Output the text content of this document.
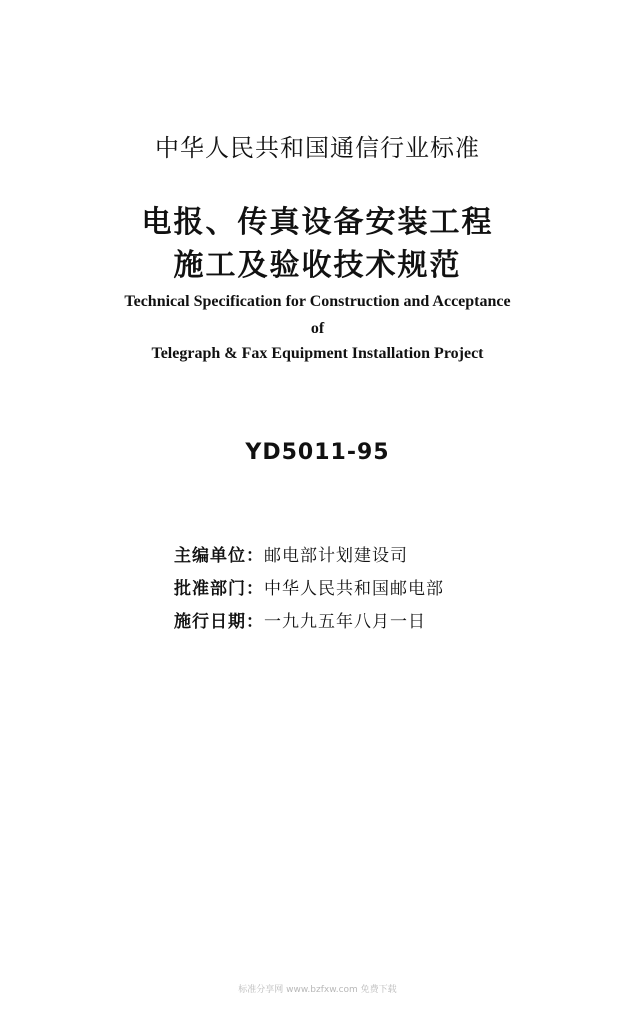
中华人民共和国通信行业标准
电报、传真设备安装工程
施工及验收技术规范
Technical Specification for Construction and Acceptance
of
Telegraph & Fax Equipment Installation Project
YD5011-95
主编单位：邮电部计划建设司
批准部门：中华人民共和国邮电部
施行日期：一九九五年八月一日
标准分享网 www.bzfxw.com 免费下载
